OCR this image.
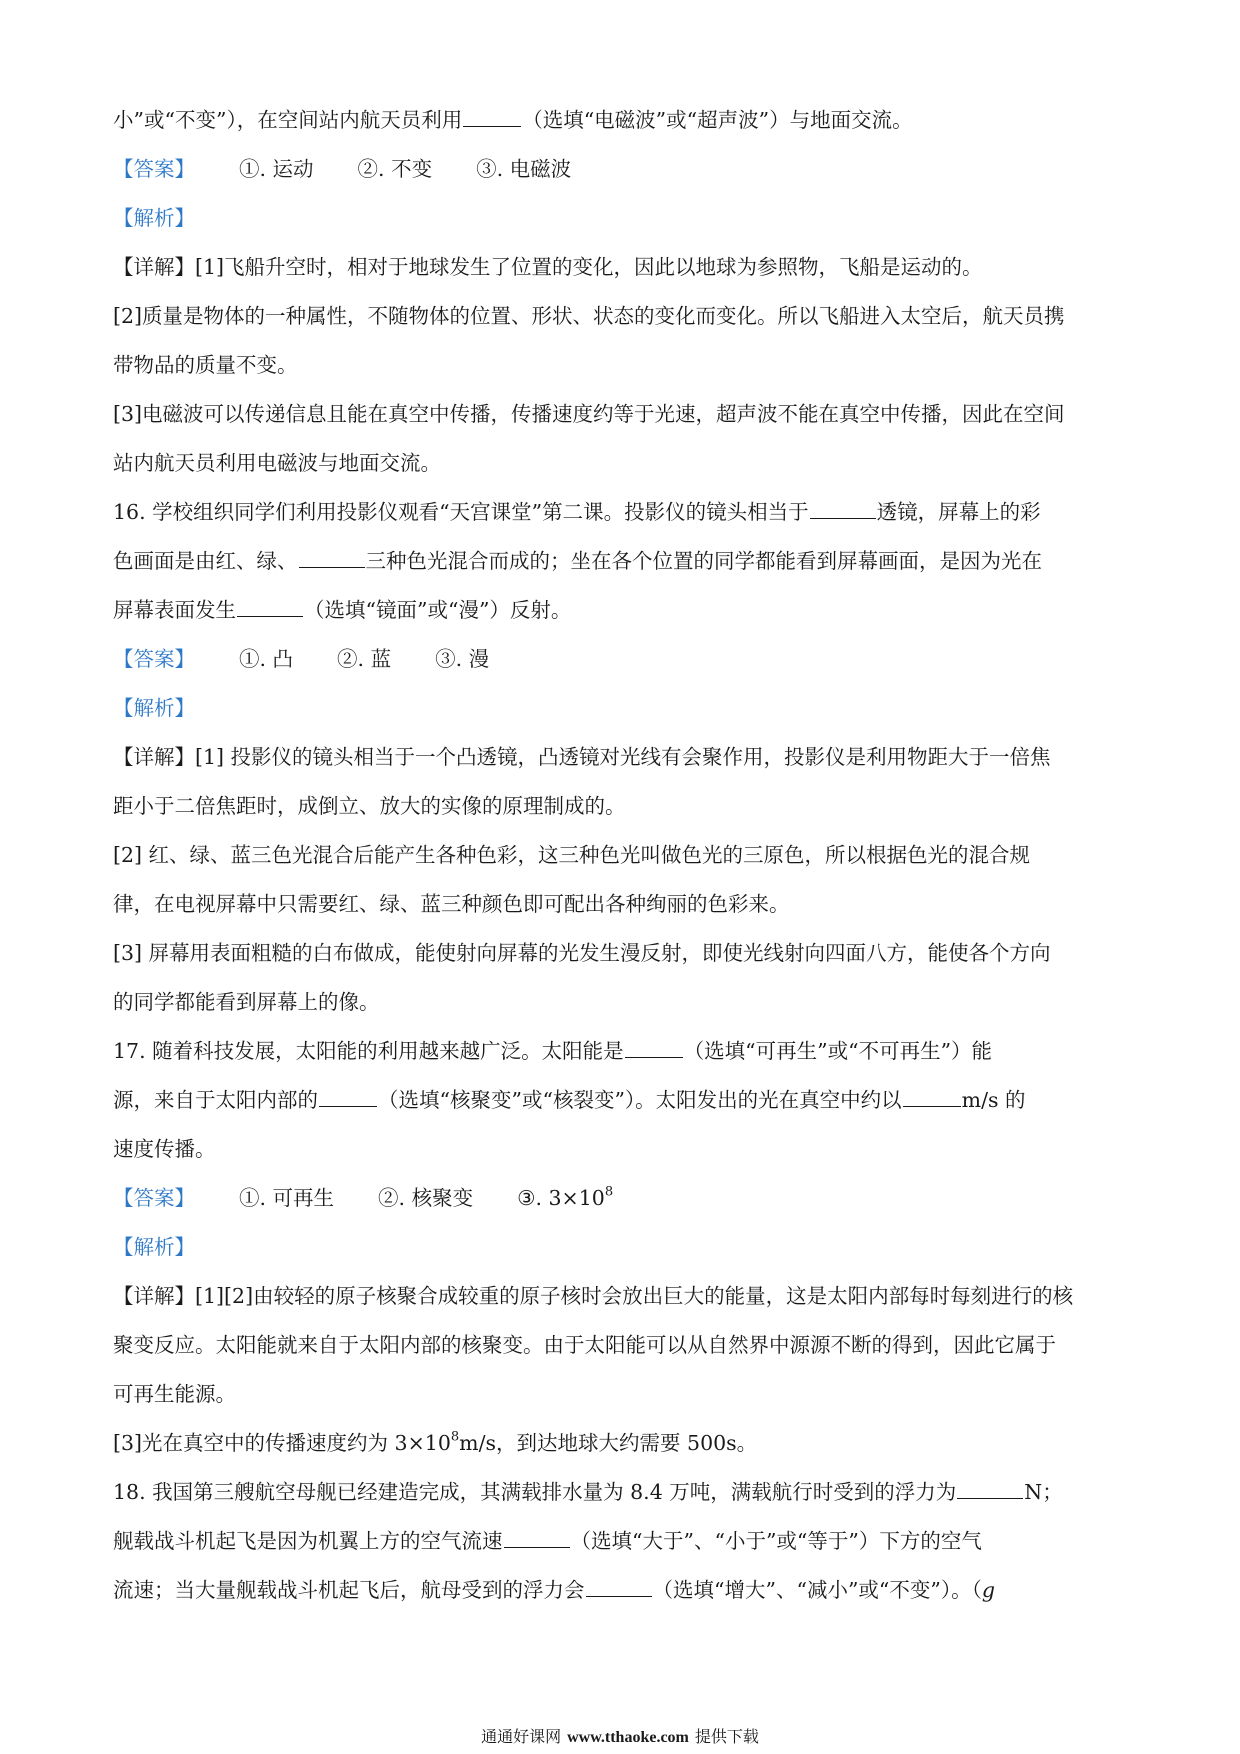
小”或“不变”），在空间站内航天员利用	（选填“电磁波”或“超声波”）与地面交流。
【答案】 ①. 运动 ②. 不变 ③. 电磁波
【解析】
【详解】[1]飞船升空时，相对于地球发生了位置的变化，因此以地球为参照物，飞船是运动的。
[2]质量是物体的一种属性，不随物体的位置、形状、状态的变化而变化。所以飞船进入太空后，航天员携
带物品的质量不变。
[3]电磁波可以传递信息且能在真空中传播，传播速度约等于光速，超声波不能在真空中传播，因此在空间
站内航天员利用电磁波与地面交流。
16. 学校组织同学们利用投影仪观看“天宫课堂”第二课。投影仪的镜头相当于	透镜，屏幕上的彩
色画面是由红、绿、	三种色光混合而成的；坐在各个位置的同学都能看到屏幕画面，是因为光在
屏幕表面发生	（选填“镜面”或“漫”）反射。
【答案】 ①. 凸 ②. 蓝 ③. 漫
【解析】
【详解】[1] 投影仪的镜头相当于一个凸透镜，凸透镜对光线有会聚作用，投影仪是利用物距大于一倍焦
距小于二倍焦距时，成倒立、放大的实像的原理制成的。
[2] 红、绿、蓝三色光混合后能产生各种色彩，这三种色光叫做色光的三原色，所以根据色光的混合规
律，在电视屏幕中只需要红、绿、蓝三种颜色即可配出各种绚丽的色彩来。
[3] 屏幕用表面粗糙的白布做成，能使射向屏幕的光发生漫反射，即使光线射向四面八方，能使各个方向
的同学都能看到屏幕上的像。
17. 随着科技发展，太阳能的利用越来越广泛。太阳能是	（选填“可再生”或“不可再生”）能
源，来自于太阳内部的	（选填“核聚变”或“核裂变”）。太阳发出的光在真空中约以	m/s 的
速度传播。
【答案】 ①. 可再生 ②. 核聚变 ③. $3\times 10^8$
【解析】
【详解】[1][2]由较轻的原子核聚合成较重的原子核时会放出巨大的能量，这是太阳内部每时每刻进行的核
聚变反应。太阳能就来自于太阳内部的核聚变。由于太阳能可以从自然界中源源不断的得到，因此它属于
可再生能源。
[3]光在真空中的传播速度约为 $3\times 10^8m/s$，到达地球大约需要 500s。
18. 我国第三艘航空母舰已经建造完成，其满载排水量为 8.4 万吨，满载航行时受到的浮力为	N；
舰载战斗机起飞是因为机翼上方的空气流速	（选填“大于”、“小于”或“等于”）下方的空气
流速；当大量舰载战斗机起飞后，航母受到的浮力会	（选填“增大”、“减小”或“不变”）。（g
通通好课网 www.tthaoke.com 提供下载
